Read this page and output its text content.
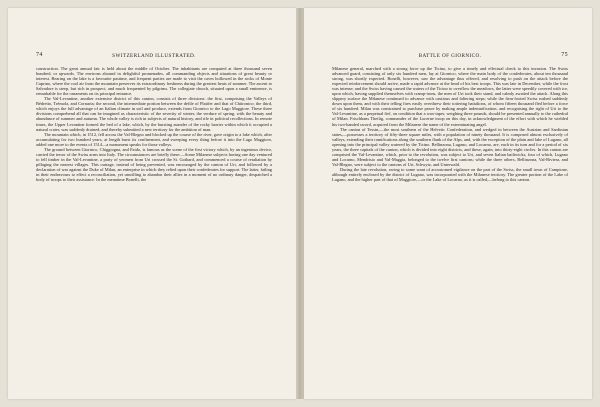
74	SWITZERLAND ILLUSTRATED.

construction. The great annual fair is held about the middle of October. The inhabitants are computed at three thousand seven hundred, or upwards. The environs abound in delightful promenades, all commanding objects and situations of great beauty or interest. Bearing on the lake is a favourite pastime, and frequent parties are made to visit the caves hollowed in the rocks of Monte Caprino, where the cool air from the mountain preserves its extraordinary freshness during the greatest heats of summer. The ascent to Salvadore is steep, but rich in prospect, and much frequented by pilgrims. The collegiate church, situated upon a small eminence, is remarkable for the ornaments on its principal entrance.

The Val-Levantine, another extensive district of this canton, consists of three divisions: the first, comprising the Valleys of Bédretto, Trémola, and Cornaria; the second, the intermediate portion between the defile of Platifer and that of Chiironico; the third, which enjoys the full advantage of an Italian climate in soil and produce, extends from Giornico to the Lago Maggiore. These three divisions comprehend all that can be imagined as characteristic of the severity of winter, the verdure of spring, with the beauty and abundance of summer and autumn. The whole valley is rich in subjects of natural history, and rife in political recollections. In remote times, the Upper Levantine formed the bed of a lake, which, by the bursting asunder of the rocky barrier within which it occupied a natural crater, was suddenly drained, and thereby submitted a new territory for the ambition of man.

The mountain which, in 1512, fell across the Val-Blegno and blocked up the course of the river, gave origin to a lake which, after accumulating for two hundred years, at length burst its confinement, and sweeping every thing before it into the Lago Maggiore, added one more to the events of 1514—a monument speaks for those valleys.

The ground between Giornico, Chiggiogna, and Faido, is famous as the scene of the first victory which, by an ingenious device, carried the terror of the Swiss arms into Italy. The circumstances are briefly these:—Some Milanese subjects having one day ventured to fell timber in the Val-Levantine, a party of yeomen from Uri crossed the St. Gothard, and commenced a course of retaliation by pillaging the nearest villages. This outrage, instead of being prevented, was encouraged by the canton of Uri, and followed by a declaration of war against the Duke of Milan, an enterprise in which they relied upon their confederates for support. The latter, failing in their endeavours to effect a reconciliation, yet unwilling to abandon their allies in a moment of no ordinary danger, despatched a body of troops to their assistance. In the meantime Bonelli, the

BATTLE OF GIORNICO.	75

Milanese general, marched with a strong force up the Ticino, to give a timely and effectual check to this invasion. The Swiss advanced guard, consisting of only six hundred men, lay at Giornico, where the main body of the confederates, about ten thousand strong, was shortly expected. Bonelli, however, saw the advantage thus offered, and resolving to push on the attack before the expected reinforcement should arrive, made a rapid advance at the head of his best troops. This was late in December, while the frost was intense; and the Swiss having caused the waters of the Ticino to overflow the meadows, the latter were speedily covered with ice, upon which, having supplied themselves with cramp-irons, the men of Uri took their stand, and calmly awaited the attack. Along this slippery surface the Milanese continued to advance with cautious and faltering steps; while the firm-footed Swiss rushed suddenly down upon them, and with their telling fires easily overthrew their tottering battalions, of whom fifteen thousand fled before a force of six hundred. Milan was constrained to purchase peace by making ample indemnification, and recognising the right of Uri to the Val-Levantine, as a perpetual fief, on condition that a wax-taper, weighing three pounds, should be presented annually to the cathedral of Milan. Frischhans Theilig, commander of the Lucerne troop on this day, in acknowledgment of the effort with which he wielded his two-handed sword, acquired from the Milanese the name of the exterminating angel.

The canton of Tessin,—the most southern of the Helvetic Confederation, and wedged in between the Austrian and Sardinian states,—possesses a territory of fifty-three square miles, with a population of ninety thousand. It is composed almost exclusively of valleys, extending their ramifications along the southern flank of the Alps, and, with the exception of the plain and lake of Lugano, all opening into the principal valley watered by the Ticino. Bellinzona, Lugano, and Locarno, are, each in its turn and for a period of six years, the three capitals of the canton, which is divided into eight districts, and these, again, into thirty-eight circles. In this canton are comprised the Val-Levantine, which, prior to the revolution, was subject to Uri, and seven Italian bailiwicks, four of which, Lugano and Locarno, Mendrisio and Val-Maggia, belonged to the twelve first cantons; while the three others, Bellinzona, Val-Riviera, and Val-Blegno, were subject to the cantons of Uri, Schwytz, and Unterwald.

During the late revolution, owing to some want of accustomed vigilance on the part of the Swiss, the small town of Campione, although entirely enclosed by the district of Lugano, was incorporated with the Milanese territory. The greater portion of the Lake of Lugano, and the higher part of that of Maggiore,—or the Lake of Locarno, as it is called,—belong to this canton.
